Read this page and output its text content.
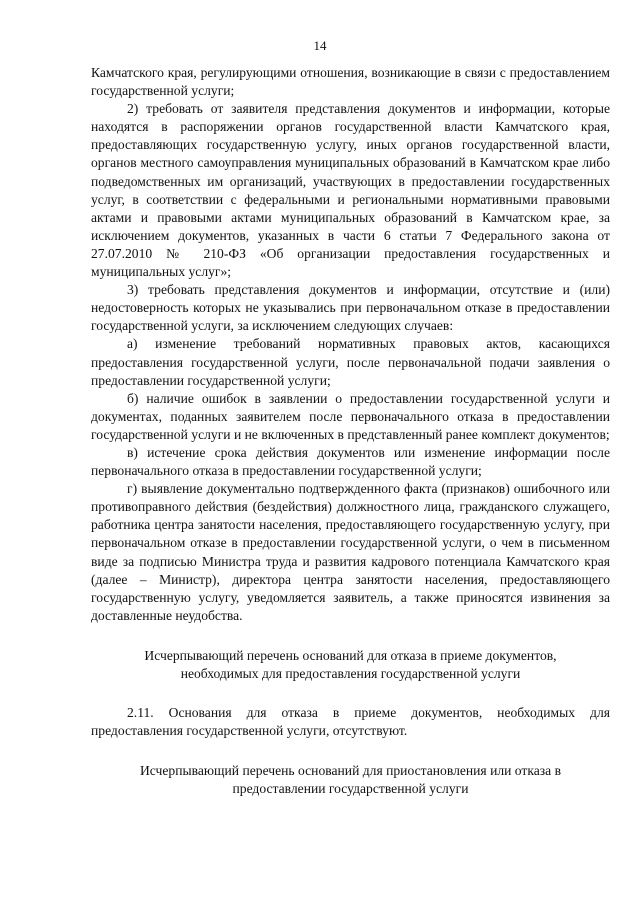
14

Камчатского края, регулирующими отношения, возникающие в связи с предоставлением государственной услуги;

2) требовать от заявителя представления документов и информации, которые находятся в распоряжении органов государственной власти Камчатского края, предоставляющих государственную услугу, иных органов государственной власти, органов местного самоуправления муниципальных образований в Камчатском крае либо подведомственных им организаций, участвующих в предоставлении государственных услуг, в соответствии с федеральными и региональными нормативными правовыми актами и правовыми актами муниципальных образований в Камчатском крае, за исключением документов, указанных в части 6 статьи 7 Федерального закона от 27.07.2010 № 210-ФЗ «Об организации предоставления государственных и муниципальных услуг»;

3) требовать представления документов и информации, отсутствие и (или) недостоверность которых не указывались при первоначальном отказе в предоставлении государственной услуги, за исключением следующих случаев:

а) изменение требований нормативных правовых актов, касающихся предоставления государственной услуги, после первоначальной подачи заявления о предоставлении государственной услуги;

б) наличие ошибок в заявлении о предоставлении государственной услуги и документах, поданных заявителем после первоначального отказа в предоставлении государственной услуги и не включенных в представленный ранее комплект документов;

в) истечение срока действия документов или изменение информации после первоначального отказа в предоставлении государственной услуги;

г) выявление документально подтвержденного факта (признаков) ошибочного или противоправного действия (бездействия) должностного лица, гражданского служащего, работника центра занятости населения, предоставляющего государственную услугу, при первоначальном отказе в предоставлении государственной услуги, о чем в письменном виде за подписью Министра труда и развития кадрового потенциала Камчатского края (далее – Министр), директора центра занятости населения, предоставляющего государственную услугу, уведомляется заявитель, а также приносятся извинения за доставленные неудобства.

Исчерпывающий перечень оснований для отказа в приеме документов, необходимых для предоставления государственной услуги

2.11. Основания для отказа в приеме документов, необходимых для предоставления государственной услуги, отсутствуют.

Исчерпывающий перечень оснований для приостановления или отказа в предоставлении государственной услуги
